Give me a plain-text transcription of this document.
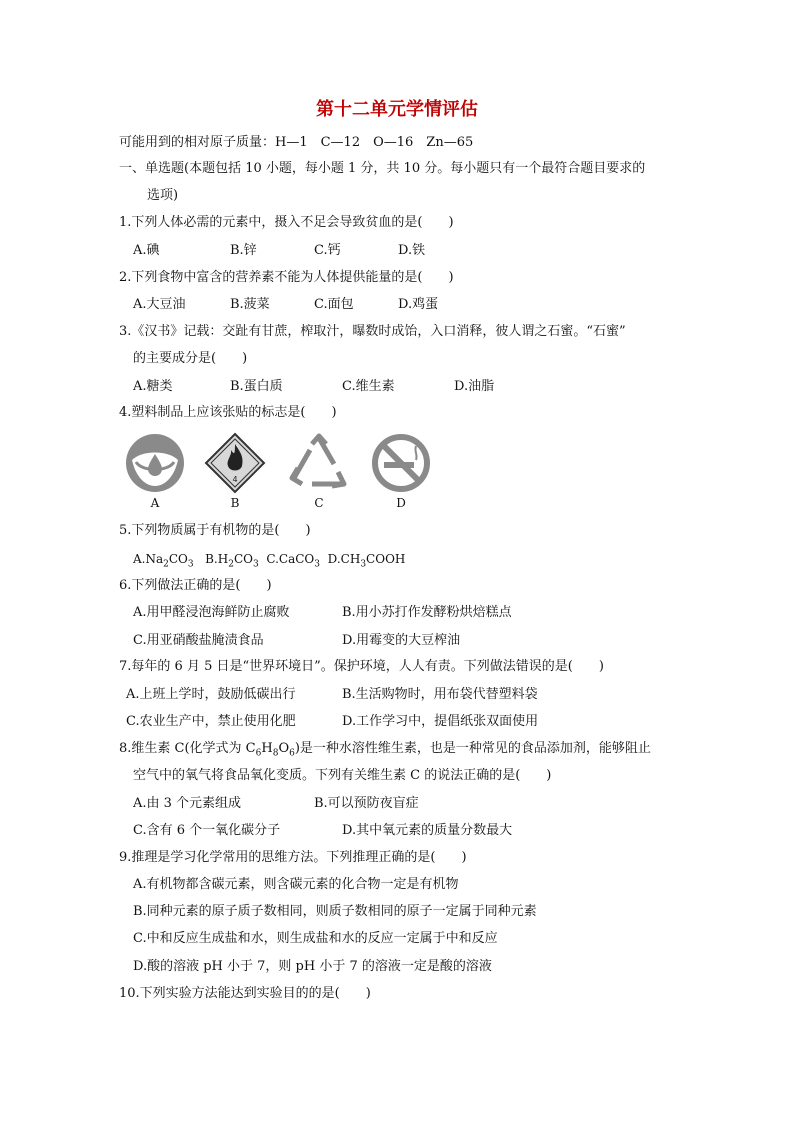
第十二单元学情评估
可能用到的相对原子质量：H—1　C—12　O—16　Zn—65
一、单选题(本题包括 10 小题，每小题 1 分，共 10 分。每小题只有一个最符合题目要求的
选项)
1.下列人体必需的元素中，摄入不足会导致贫血的是(　　)
A.碘	B.锌	C.钙	D.铁
2.下列食物中富含的营养素不能为人体提供能量的是(　　)
A.大豆油	B.菠菜	C.面包	D.鸡蛋
3.《汉书》记载：交趾有甘蔗，榨取汁，曝数时成饴，入口消释，彼人谓之石蜜。“石蜜”
的主要成分是(　　)
A.糖类	B.蛋白质	C.维生素	D.油脂
4.塑料制品上应该张贴的标志是(　　)
4
A	B	C	D
5.下列物质属于有机物的是(　　)
$A.Na_2CO_3$ $B.H_2CO_3$ C.CaCO$_3$ $D.CH_3COOH$
6.下列做法正确的是(　　)
A.用甲醛浸泡海鲜防止腐败	B.用小苏打作发酵粉烘焙糕点
C.用亚硝酸盐腌渍食品	D.用霉变的大豆榨油
7.每年的 6 月 5 日是“世界环境日”。保护环境，人人有责。下列做法错误的是(　　)
A.上班上学时，鼓励低碳出行	B.生活购物时，用布袋代替塑料袋
C.农业生产中，禁止使用化肥	D.工作学习中，提倡纸张双面使用
8.维生素 C(化学式为 $C_6H_8O_6$)是一种水溶性维生素，也是一种常见的食品添加剂，能够阻止
空气中的氧气将食品氧化变质。下列有关维生素 C 的说法正确的是(　　)
A.由 3 个元素组成	B.可以预防夜盲症
C.含有 6 个一氧化碳分子	D.其中氧元素的质量分数最大
9.推理是学习化学常用的思维方法。下列推理正确的是(　　)
A.有机物都含碳元素，则含碳元素的化合物一定是有机物
B.同种元素的原子质子数相同，则质子数相同的原子一定属于同种元素
C.中和反应生成盐和水，则生成盐和水的反应一定属于中和反应
D.酸的溶液 pH 小于 7，则 pH 小于 7 的溶液一定是酸的溶液
10.下列实验方法能达到实验目的的是(　　)
